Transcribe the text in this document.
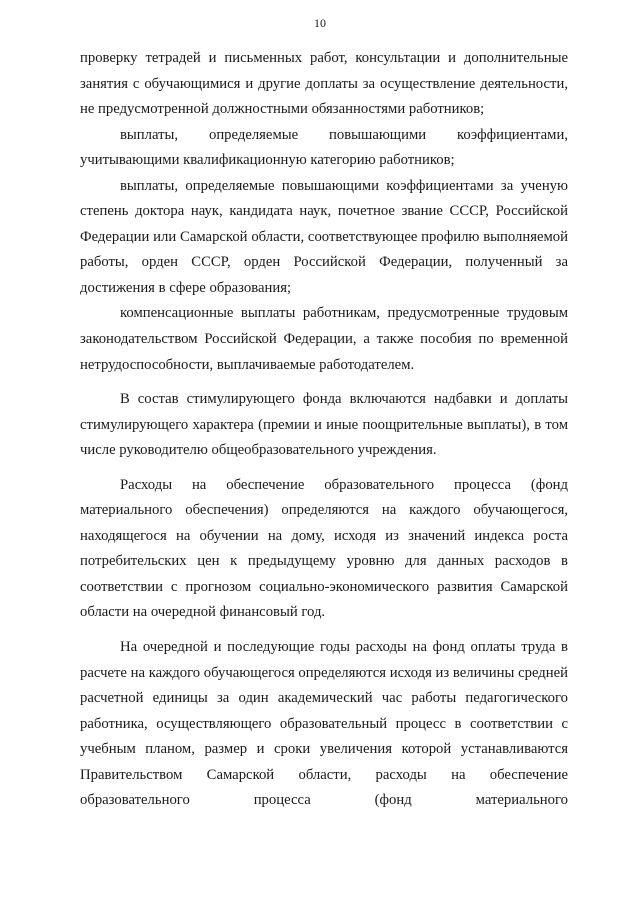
10

проверку тетрадей и письменных работ, консультации и дополнительные занятия с обучающимися и другие доплаты за осуществление деятельности, не предусмотренной должностными обязанностями работников;

выплаты, определяемые повышающими коэффициентами, учитывающими квалификационную категорию работников;

выплаты, определяемые повышающими коэффициентами за ученую степень доктора наук, кандидата наук, почетное звание СССР, Российской Федерации или Самарской области, соответствующее профилю выполняемой работы, орден СССР, орден Российской Федерации, полученный за достижения в сфере образования;

компенсационные выплаты работникам, предусмотренные трудовым законодательством Российской Федерации, а также пособия по временной нетрудоспособности, выплачиваемые работодателем.

В состав стимулирующего фонда включаются надбавки и доплаты стимулирующего характера (премии и иные поощрительные выплаты), в том числе руководителю общеобразовательного учреждения.

Расходы на обеспечение образовательного процесса (фонд материального обеспечения) определяются на каждого обучающегося, находящегося на обучении на дому, исходя из значений индекса роста потребительских цен к предыдущему уровню для данных расходов в соответствии с прогнозом социально-экономического развития Самарской области на очередной финансовый год.

На очередной и последующие годы расходы на фонд оплаты труда в расчете на каждого обучающегося определяются исходя из величины средней расчетной единицы за один академический час работы педагогического работника, осуществляющего образовательный процесс в соответствии с учебным планом, размер и сроки увеличения которой устанавливаются Правительством Самарской области, расходы на обеспечение образовательного процесса (фонд материального
